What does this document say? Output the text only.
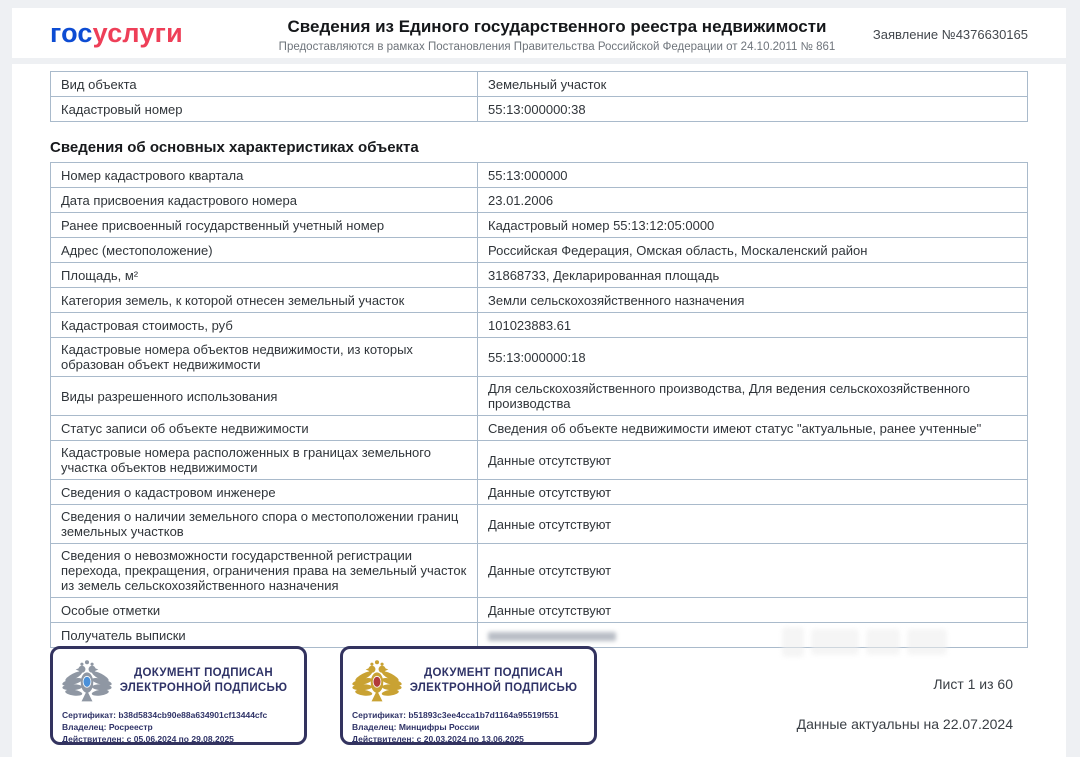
госуслуги	Сведения из Единого государственного реестра недвижимости
Предоставляются в рамках Постановления Правительства Российской Федерации от 24.10.2011 № 861
Заявление №4376630165
Вид объекта	Земельный участок
Кадастровый номер	55:13:000000:38
Сведения об основных характеристиках объекта
Номер кадастрового квартала	55:13:000000
Дата присвоения кадастрового номера	23.01.2006
Ранее присвоенный государственный учетный номер	Кадастровый номер 55:13:12:05:0000
Адрес (местоположение)	Российская Федерация, Омская область, Москаленский район
Площадь, м²	31868733, Декларированная площадь
Категория земель, к которой отнесен земельный участок	Земли сельскохозяйственного назначения
Кадастровая стоимость, руб	101023883.61
Кадастровые номера объектов недвижимости, из которых образован объект недвижимости	55:13:000000:18
Виды разрешенного использования	Для сельскохозяйственного производства, Для ведения сельскохозяйственного производства
Статус записи об объекте недвижимости	Сведения об объекте недвижимости имеют статус "актуальные, ранее учтенные"
Кадастровые номера расположенных в границах земельного участка объектов недвижимости	Данные отсутствуют
Сведения о кадастровом инженере	Данные отсутствуют
Сведения о наличии земельного спора о местоположении границ земельных участков	Данные отсутствуют
Сведения о невозможности государственной регистрации перехода, прекращения, ограничения права на земельный участок из земель сельскохозяйственного назначения	Данные отсутствуют
Особые отметки	Данные отсутствуют
Получатель выписки	
ДОКУМЕНТ ПОДПИСАН ЭЛЕКТРОННОЙ ПОДПИСЬЮ
Сертификат: b38d5834cb90e88a634901cf13444cfc
Владелец: Росреестр
Действителен: с 05.06.2024 по 29.08.2025
ДОКУМЕНТ ПОДПИСАН ЭЛЕКТРОННОЙ ПОДПИСЬЮ
Сертификат: b51893c3ee4cca1b7d1164a95519f551
Владелец: Минцифры России
Действителен: с 20.03.2024 по 13.06.2025
Лист 1 из 60
Данные актуальны на 22.07.2024
